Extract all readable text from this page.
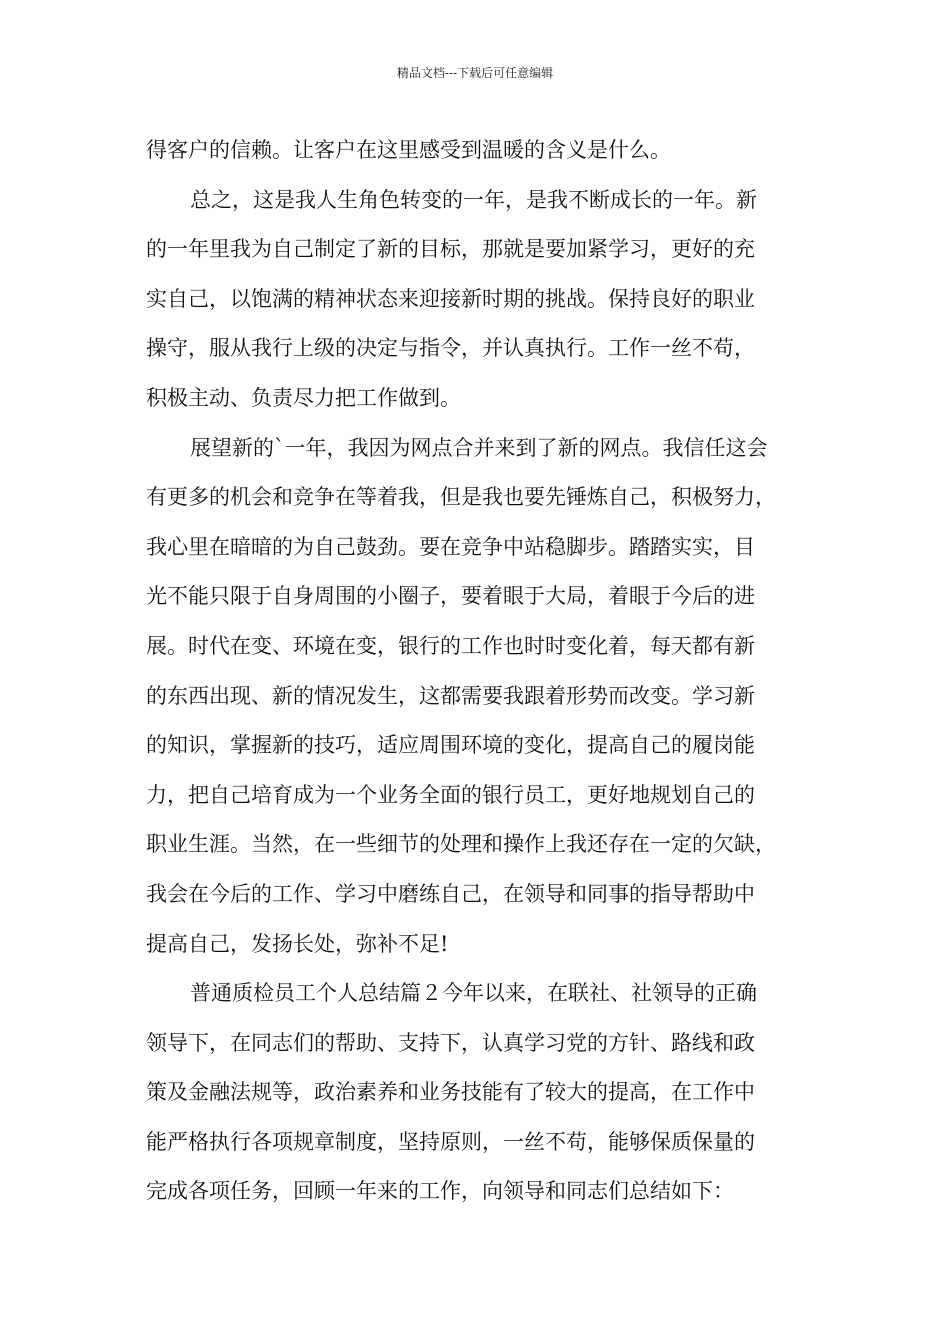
精品文档---下载后可任意编辑
得客户的信赖。让客户在这里感受到温暖的含义是什么。
总之，这是我人生角色转变的一年，是我不断成长的一年。新
的一年里我为自己制定了新的目标，那就是要加紧学习，更好的充
实自己，以饱满的精神状态来迎接新时期的挑战。保持良好的职业
操守，服从我行上级的决定与指令，并认真执行。工作一丝不苟，
积极主动、负责尽力把工作做到。
展望新的`一年，我因为网点合并来到了新的网点。我信任这会
有更多的机会和竞争在等着我，但是我也要先锤炼自己，积极努力，
我心里在暗暗的为自己鼓劲。要在竞争中站稳脚步。踏踏实实，目
光不能只限于自身周围的小圈子，要着眼于大局，着眼于今后的进
展。时代在变、环境在变，银行的工作也时时变化着，每天都有新
的东西出现、新的情况发生，这都需要我跟着形势而改变。学习新
的知识，掌握新的技巧，适应周围环境的变化，提高自己的履岗能
力，把自己培育成为一个业务全面的银行员工，更好地规划自己的
职业生涯。当然，在一些细节的处理和操作上我还存在一定的欠缺，
我会在今后的工作、学习中磨练自己，在领导和同事的指导帮助中
提高自己，发扬长处，弥补不足!
普通质检员工个人总结篇２今年以来，在联社、社领导的正确
领导下，在同志们的帮助、支持下，认真学习党的方针、路线和政
策及金融法规等，政治素养和业务技能有了较大的提高，在工作中
能严格执行各项规章制度，坚持原则，一丝不苟，能够保质保量的
完成各项任务，回顾一年来的工作，向领导和同志们总结如下：
